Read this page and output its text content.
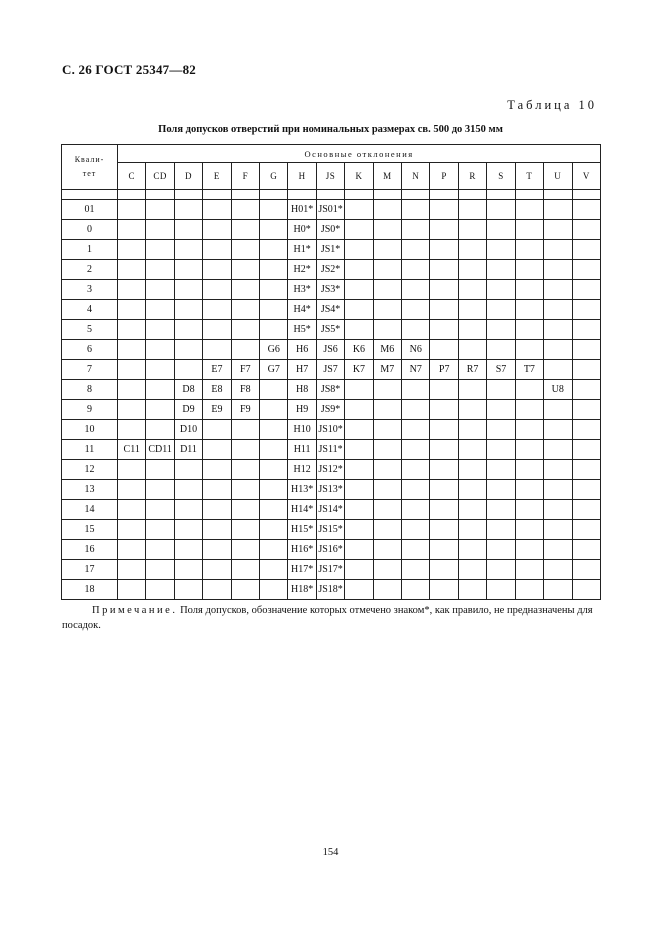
С. 26 ГОСТ 25347—82
Таблица 10
Поля допусков отверстий при номинальных размерах св. 500 до 3150 мм
Квали-
тет	Основные отклонения																
	C	CD	D	E	F	G	H	JS	K	M	N	P	R	S	T	U	V

01							H01*	JS01*									
0							H0*	JS0*									
1							H1*	JS1*									
2							H2*	JS2*									
3							H3*	JS3*									
4							H4*	JS4*									
5							H5*	JS5*									
6						G6	H6	JS6	K6	M6	N6						
7				E7	F7	G7	H7	JS7	K7	M7	N7	P7	R7	S7	T7		
8			D8	E8	F8		H8	JS8*								U8	
9			D9	E9	F9		H9	JS9*									
10			D10				H10	JS10*									
11	C11	CD11	D11				H11	JS11*									
12							H12	JS12*									
13							H13*	JS13*									
14							H14*	JS14*									
15							H15*	JS15*									
16							H16*	JS16*									
17							H17*	JS17*									
18							H18*	JS18*									
Примечание. Поля допусков, обозначение которых отмечено знаком*, как правило, не предназначены для посадок.
154
